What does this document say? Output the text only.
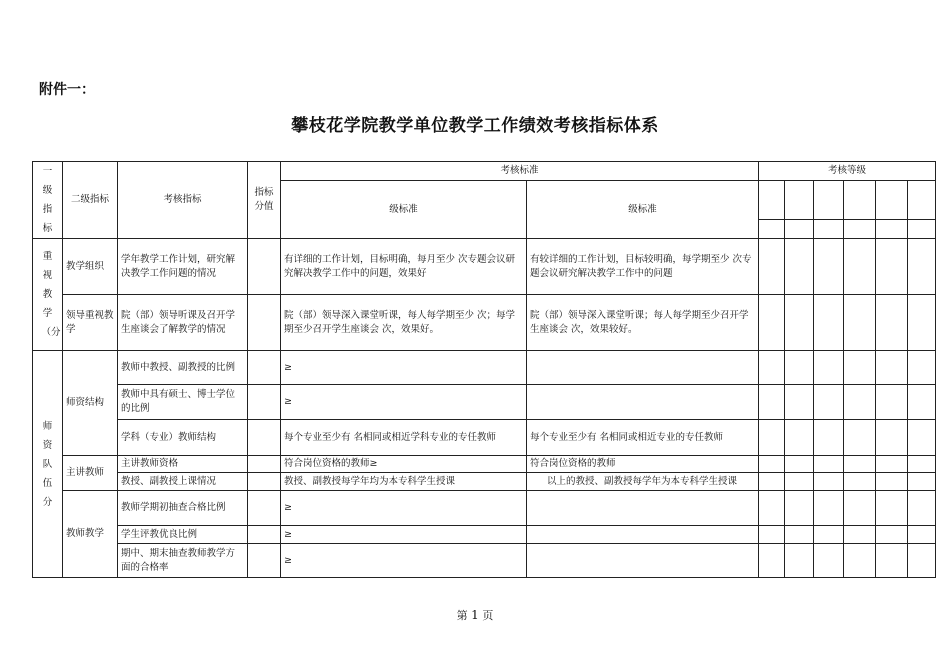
附件一：
攀枝花学院教学单位教学工作绩效考核指标体系
一级指标	二级指标	考核指标	指标分值	考核标准		考核等级					
				级标准	级标准						

重视教学（分	教学组织	学年教学工作计划，研究解决教学工作问题的情况		有详细的工作计划，目标明确，每月至少 次专题会议研究解决教学工作中的问题，效果好	有较详细的工作计划，目标较明确，每学期至少 次专题会议研究解决教学工作中的问题						
	领导重视教学	院（部）领导听课及召开学生座谈会了解教学的情况		院（部）领导深入课堂听课，每人每学期至少 次；每学期至少召开学生座谈会 次，效果好。	院（部）领导深入课堂听课；每人每学期至少召开学生座谈会 次，效果较好。						
师资队伍分	师资结构	教师中教授、副教授的比例		≥							
		教师中具有硕士、博士学位的比例		≥							
		学科（专业）教师结构		每个专业至少有 名相同或相近学科专业的专任教师	每个专业至少有 名相同或相近专业的专任教师						
	主讲教师	主讲教师资格		符合岗位资格的教师≥	符合岗位资格的教师						
		教授、副教授上课情况		教授、副教授每学年均为本专科学生授课	以上的教授、副教授每学年为本专科学生授课						
	教师教学	教师学期初抽查合格比例		≥							
		学生评教优良比例		≥							
		期中、期末抽查教师教学方面的合格率		≥							
第 1 页
